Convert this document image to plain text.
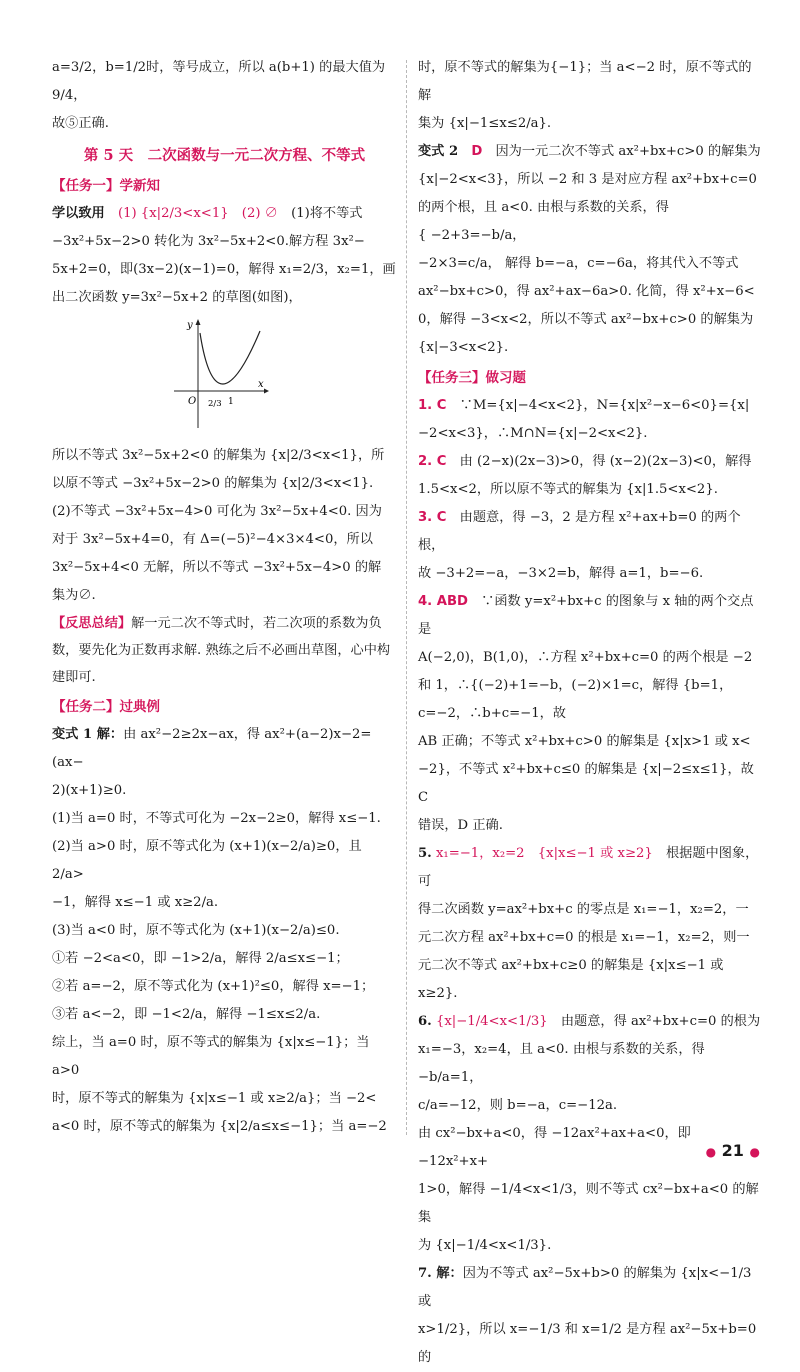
a=3/2，b=1/2时，等号成立，所以 a(b+1) 的最大值为 9/4，

故⑤正确.

第 5 天　二次函数与一元二次方程、不等式

【任务一】学新知

学以致用　 (1) {x|2/3<x<1}　(2) ∅　 (1)将不等式

−3x²+5x−2>0 转化为 3x²−5x+2<0.解方程 3x²−

5x+2=0，即(3x−2)(x−1)=0，解得 x₁=2/3，x₂=1，画

出二次函数 y=3x²−5x+2 的草图(如图)，

y
x
O 2/3 1

所以不等式 3x²−5x+2<0 的解集为 {x|2/3<x<1}，所

以原不等式 −3x²+5x−2>0 的解集为 {x|2/3<x<1}.

(2)不等式 −3x²+5x−4>0 可化为 3x²−5x+4<0. 因为

对于 3x²−5x+4=0，有 Δ=(−5)²−4×3×4<0，所以

3x²−5x+4<0 无解，所以不等式 −3x²+5x−4>0 的解

集为∅.

【反思总结】解一元二次不等式时，若二次项的系数为负

数，要先化为正数再求解. 熟练之后不必画出草图，心中构

建即可.

【任务二】过典例

变式 1 解：由 ax²−2≥2x−ax，得 ax²+(a−2)x−2=(ax−

2)(x+1)≥0.

(1)当 a=0 时，不等式可化为 −2x−2≥0，解得 x≤−1.

(2)当 a>0 时，原不等式化为 (x+1)(x−2/a)≥0，且 2/a>

−1，解得 x≤−1 或 x≥2/a.

(3)当 a<0 时，原不等式化为 (x+1)(x−2/a)≤0.

①若 −2<a<0，即 −1>2/a，解得 2/a≤x≤−1；

②若 a=−2，原不等式化为 (x+1)²≤0，解得 x=−1；

③若 a<−2，即 −1<2/a，解得 −1≤x≤2/a.

综上，当 a=0 时，原不等式的解集为 {x|x≤−1}；当 a>0

时，原不等式的解集为 {x|x≤−1 或 x≥2/a}；当 −2<

a<0 时，原不等式的解集为 {x|2/a≤x≤−1}；当 a=−2

时，原不等式的解集为{−1}；当 a<−2 时，原不等式的解

集为 {x|−1≤x≤2/a}.

变式 2　 D　 因为一元二次不等式 ax²+bx+c>0 的解集为

{x|−2<x<3}，所以 −2 和 3 是对应方程 ax²+bx+c=0

的两个根，且 a<0. 由根与系数的关系，得

{ −2+3=−b/a，

−2×3=c/a， 解得 b=−a，c=−6a，将其代入不等式

ax²−bx+c>0，得 ax²+ax−6a>0. 化简，得 x²+x−6<

0，解得 −3<x<2，所以不等式 ax²−bx+c>0 的解集为

{x|−3<x<2}.

【任务三】做习题

1. C　 ∵M={x|−4<x<2}，N={x|x²−x−6<0}={x|

−2<x<3}，∴M∩N={x|−2<x<2}.

2. C　 由 (2−x)(2x−3)>0，得 (x−2)(2x−3)<0，解得

1.5<x<2，所以原不等式的解集为 {x|1.5<x<2}.

3. C　 由题意，得 −3，2 是方程 x²+ax+b=0 的两个根，

故 −3+2=−a，−3×2=b，解得 a=1，b=−6.

4. ABD　 ∵函数 y=x²+bx+c 的图象与 x 轴的两个交点是

A(−2,0)，B(1,0)，∴方程 x²+bx+c=0 的两个根是 −2

和 1，∴{(−2)+1=−b，(−2)×1=c，解得 {b=1，c=−2，∴b+c=−1，故

AB 正确；不等式 x²+bx+c>0 的解集是 {x|x>1 或 x<

−2}，不等式 x²+bx+c≤0 的解集是 {x|−2≤x≤1}，故 C

错误，D 正确.

5. x₁=−1，x₂=2　{x|x≤−1 或 x≥2}　 根据题中图象，可

得二次函数 y=ax²+bx+c 的零点是 x₁=−1，x₂=2，一

元二次方程 ax²+bx+c=0 的根是 x₁=−1，x₂=2，则一

元二次不等式 ax²+bx+c≥0 的解集是 {x|x≤−1 或 x≥2}.

6. {x|−1/4<x<1/3}　 由题意，得 ax²+bx+c=0 的根为

x₁=−3，x₂=4，且 a<0. 由根与系数的关系，得 −b/a=1，

c/a=−12，则 b=−a，c=−12a.

由 cx²−bx+a<0，得 −12ax²+ax+a<0，即 −12x²+x+

1>0，解得 −1/4<x<1/3，则不等式 cx²−bx+a<0 的解集

为 {x|−1/4<x<1/3}.

7. 解：因为不等式 ax²−5x+b>0 的解集为 {x|x<−1/3 或

x>1/2}，所以 x=−1/3 和 x=1/2 是方程 ax²−5x+b=0 的

● 21 ●
